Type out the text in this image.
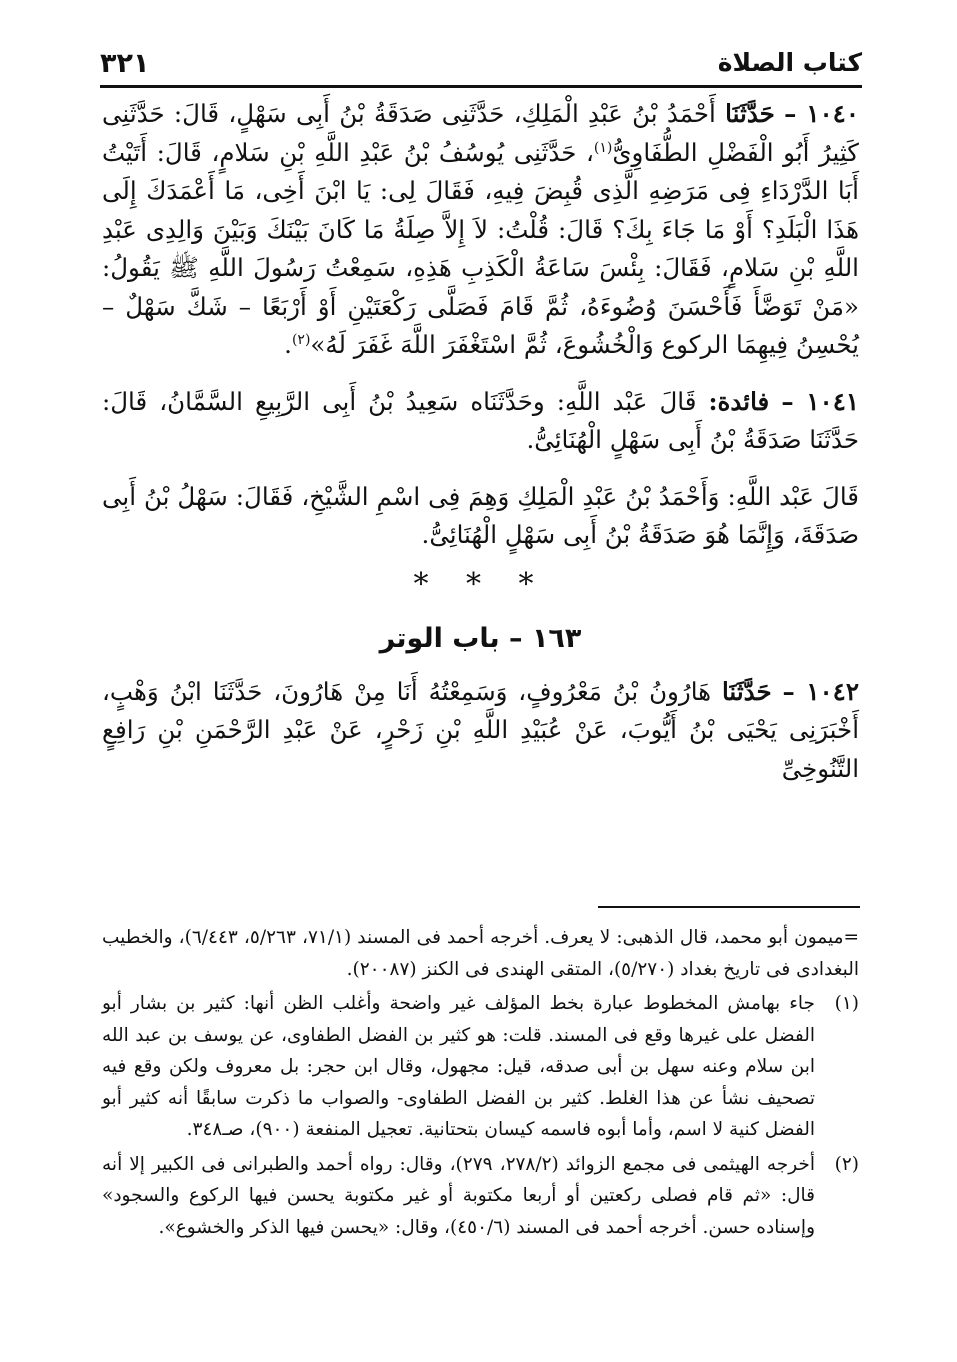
كتاب الصلاة
٣٢١

١٠٤٠ – حَدَّثَنَا أَحْمَدُ بْنُ عَبْدِ الْمَلِكِ، حَدَّثَنِى صَدَقَةُ بْنُ أَبِى سَهْلٍ، قَالَ: حَدَّثَنِى كَثِيرُ أَبُو الْفَضْلِ الطُّفَاوِىُّ$^{(١)}$، حَدَّثَنِى يُوسُفُ بْنُ عَبْدِ اللَّهِ بْنِ سَلامٍ، قَالَ: أَتَيْتُ أَبَا الدَّرْدَاءِ فِى مَرَضِهِ الَّذِى قُبِضَ فِيهِ، فَقَالَ لِى: يَا ابْنَ أَخِى، مَا أَعْمَدَكَ إِلَى هَذَا الْبَلَدِ؟ أَوْ مَا جَاءَ بِكَ؟ قَالَ: قُلْتُ: لاَ إِلاَّ صِلَةُ مَا كَانَ بَيْنَكَ وَبَيْنَ وَالِدِى عَبْدِ اللَّهِ بْنِ سَلامٍ، فَقَالَ: بِئْسَ سَاعَةُ الْكَذِبِ هَذِهِ، سَمِعْتُ رَسُولَ اللَّهِ ﷺ يَقُولُ: «مَنْ تَوَضَّأَ فَأَحْسَنَ وُضُوءَهُ، ثُمَّ قَامَ فَصَلَّى رَكْعَتَيْنِ أَوْ أَرْبَعًا – شَكَّ سَهْلٌ – يُحْسِنُ فِيهِمَا الركوع وَالْخُشُوعَ، ثُمَّ اسْتَغْفَرَ اللَّهَ غَفَرَ لَهُ»$^{(٢)}$.

١٠٤١ – فائدة: قَالَ عَبْد اللَّهِ: وحَدَّثَنَاه سَعِيدُ بْنُ أَبِى الرَّبِيعِ السَّمَّانُ، قَالَ: حَدَّثَنَا صَدَقَةُ بْنُ أَبِى سَهْلٍ الْهُنَائِىُّ.

قَالَ عَبْد اللَّهِ: وَأَحْمَدُ بْنُ عَبْدِ الْمَلِكِ وَهِمَ فِى اسْمِ الشَّيْخِ، فَقَالَ: سَهْلُ بْنُ أَبِى صَدَقَةَ، وَإِنَّمَا هُوَ صَدَقَةُ بْنُ أَبِى سَهْلٍ الْهُنَائِىُّ.

* * *
١٦٣ – باب الوتر

١٠٤٢ – حَدَّثَنَا هَارُونُ بْنُ مَعْرُوفٍ، وَسَمِعْتُهُ أَنَا مِنْ هَارُونَ، حَدَّثَنَا ابْنُ وَهْبٍ، أَخْبَرَنِى يَحْيَى بْنُ أَيُّوبَ، عَنْ عُبَيْدِ اللَّهِ بْنِ زَحْرٍ، عَنْ عَبْدِ الرَّحْمَنِ بْنِ رَافِعٍ التَّنُوخِىِّ

=ميمون أبو محمد، قال الذهبى: لا يعرف. أخرجه أحمد فى المسند (٧١/١، ٥/٢٦٣، ٦/٤٤٣)، والخطيب البغدادى فى تاريخ بغداد (٥/٢٧٠)، المتقى الهندى فى الكنز (٢٠٠٨٧).

(١)
جاء بهامش المخطوط عبارة بخط المؤلف غير واضحة وأغلب الظن أنها: كثير بن بشار أبو الفضل على غيرها وقع فى المسند. قلت: هو كثير بن الفضل الطفاوى، عن يوسف بن عبد الله ابن سلام وعنه سهل بن أبى صدقه، قيل: مجهول، وقال ابن حجر: بل معروف ولكن وقع فيه تصحيف نشأ عن هذا الغلط. كثير بن الفضل الطفاوى- والصواب ما ذكرت سابقًا أنه كثير أبو الفضل كنية لا اسم، وأما أبوه فاسمه كيسان بتحتانية. تعجيل المنفعة (٩٠٠)، صـ٣٤٨.

(٢)
أخرجه الهيثمى فى مجمع الزوائد (٢٧٨/٢، ٢٧٩)، وقال: رواه أحمد والطبرانى فى الكبير إلا أنه قال: «ثم قام فصلى ركعتين أو أربعا مكتوبة أو غير مكتوبة يحسن فيها الركوع والسجود» وإسناده حسن. أخرجه أحمد فى المسند (٤٥٠/٦)، وقال: «يحسن فيها الذكر والخشوع».
